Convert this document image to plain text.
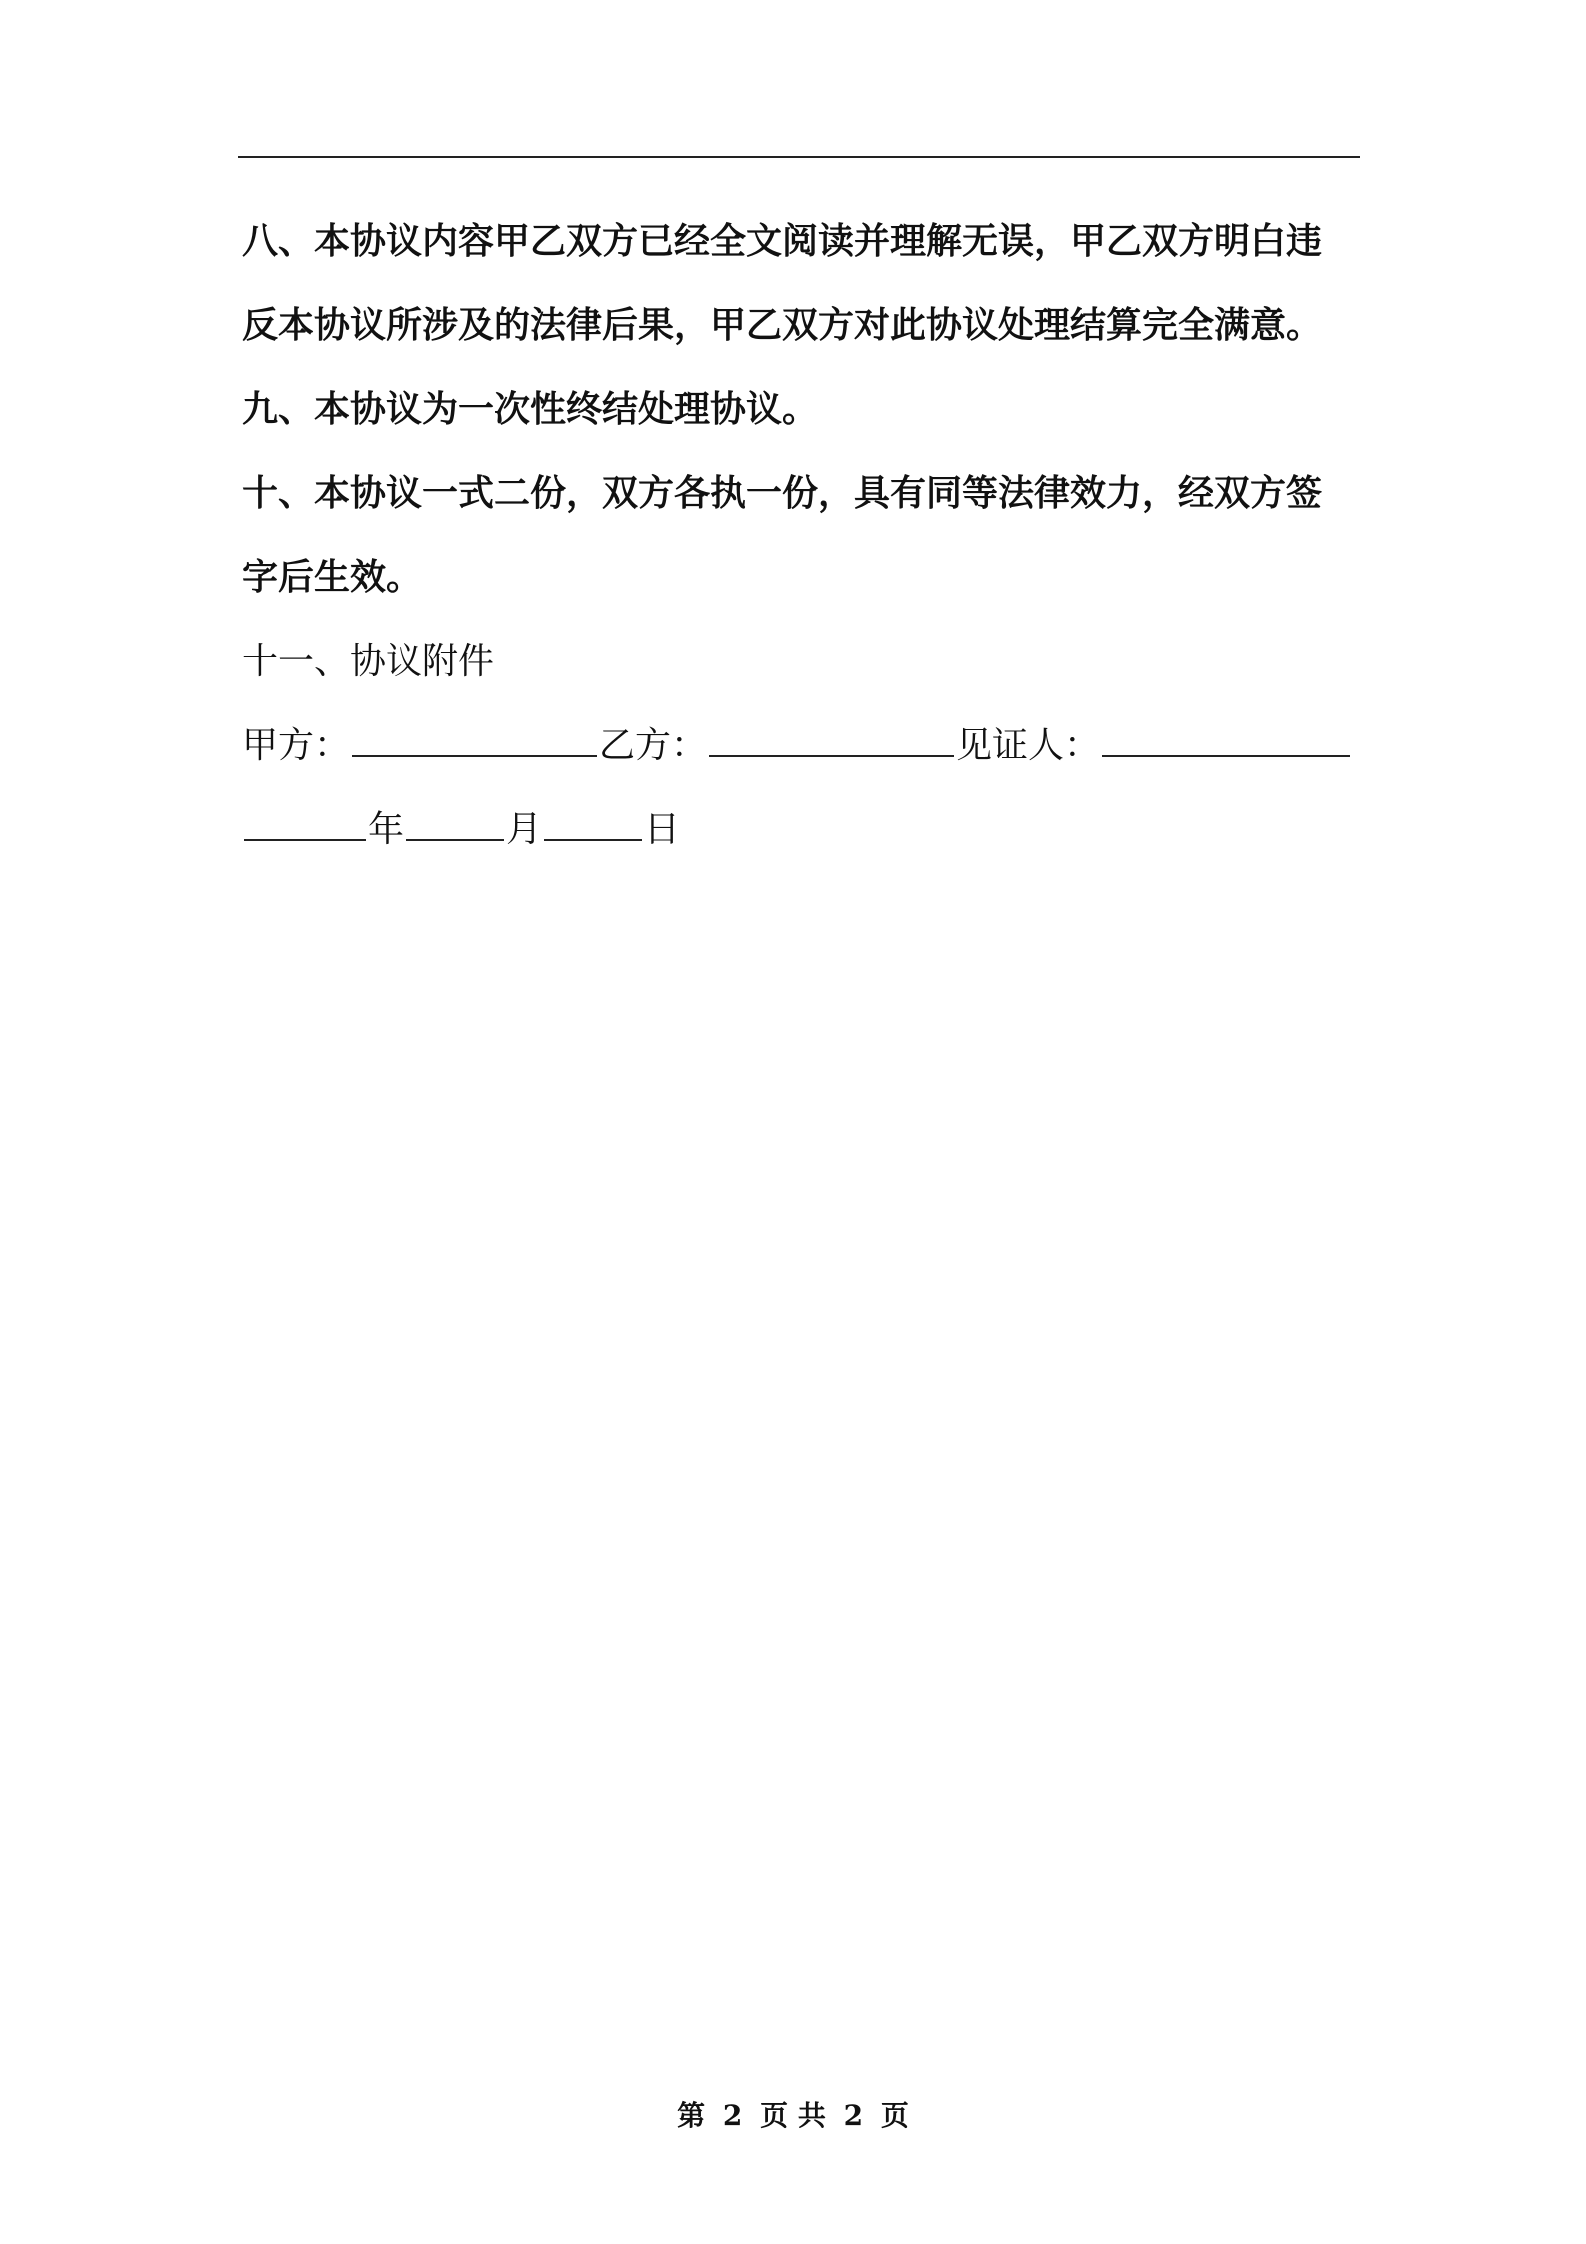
八、本协议内容甲乙双方已经全文阅读并理解无误，甲乙双方明白违

反本协议所涉及的法律后果，甲乙双方对此协议处理结算完全满意。

九、本协议为一次性终结处理协议。

十、本协议一式二份，双方各执一份，具有同等法律效力，经双方签

字后生效。

十一、协议附件

甲方：	乙方：	见证人：
年	月	日
第 2 页 共 2 页
